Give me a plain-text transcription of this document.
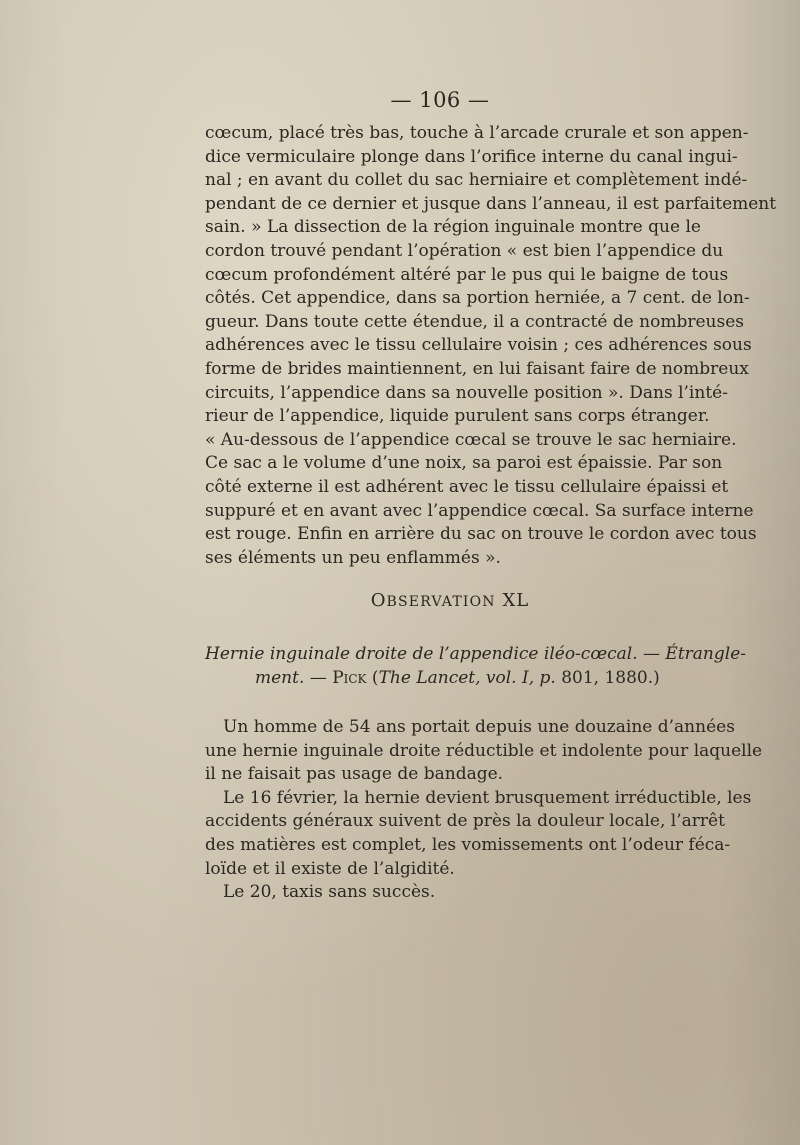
— 106 —
cœcum, placé très bas, touche à l’arcade crurale et son appen-
dice vermiculaire plonge dans l’orifice interne du canal ingui-
nal ; en avant du collet du sac herniaire et complètement indé-
pendant de ce dernier et jusque dans l’anneau, il est parfaitement
sain. » La dissection de la région inguinale montre que le
cordon trouvé pendant l’opération « est bien l’appendice du
cœcum profondément altéré par le pus qui le baigne de tous
côtés. Cet appendice, dans sa portion herniée, a 7 cent. de lon-
gueur. Dans toute cette étendue, il a contracté de nombreuses
adhérences avec le tissu cellulaire voisin ; ces adhérences sous
forme de brides maintiennent, en lui faisant faire de nombreux
circuits, l’appendice dans sa nouvelle position ». Dans l’inté-
rieur de l’appendice, liquide purulent sans corps étranger.
« Au-dessous de l’appendice cœcal se trouve le sac herniaire.
Ce sac a le volume d’une noix, sa paroi est épaissie. Par son
côté externe il est adhérent avec le tissu cellulaire épaissi et
suppuré et en avant avec l’appendice cœcal. Sa surface interne
est rouge. Enfin en arrière du sac on trouve le cordon avec tous
ses éléments un peu enflammés ».
OBSERVATION XL
Hernie inguinale droite de l’appendice iléo-cœcal. — Étrangle-
ment. — Pick (The Lancet, vol. I, p. 801, 1880.)
Un homme de 54 ans portait depuis une douzaine d’années
une hernie inguinale droite réductible et indolente pour laquelle
il ne faisait pas usage de bandage.
Le 16 février, la hernie devient brusquement irréductible, les
accidents généraux suivent de près la douleur locale, l’arrêt
des matières est complet, les vomissements ont l’odeur féca-
loïde et il existe de l’algidité.
Le 20, taxis sans succès.
